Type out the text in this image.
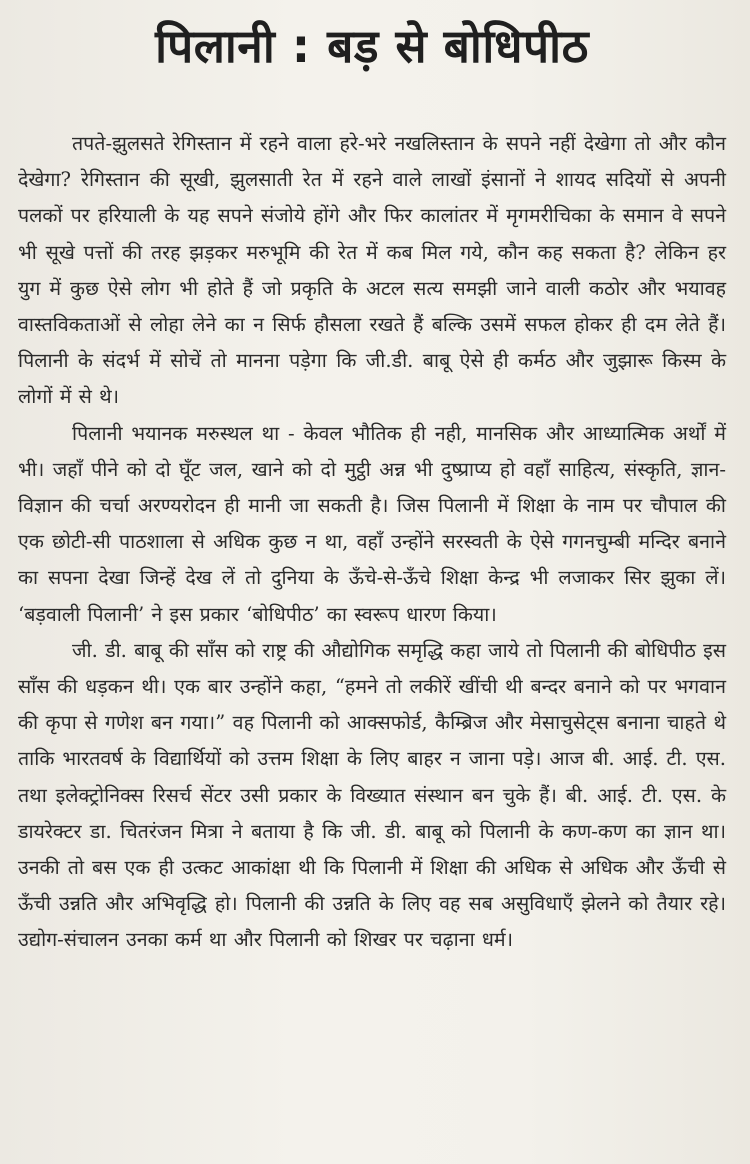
पिलानी : बड़ से बोधिपीठ

तपते-झुलसते रेगिस्तान में रहने वाला हरे-भरे नखलिस्तान के सपने नहीं देखेगा तो और कौन देखेगा? रेगिस्तान की सूखी, झुलसाती रेत में रहने वाले लाखों इंसानों ने शायद सदियों से अपनी पलकों पर हरियाली के यह सपने संजोये होंगे और फिर कालांतर में मृगमरीचिका के समान वे सपने भी सूखे पत्तों की तरह झड़कर मरुभूमि की रेत में कब मिल गये, कौन कह सकता है? लेकिन हर युग में कुछ ऐसे लोग भी होते हैं जो प्रकृति के अटल सत्य समझी जाने वाली कठोर और भयावह वास्तविकताओं से लोहा लेने का न सिर्फ हौसला रखते हैं बल्कि उसमें सफल होकर ही दम लेते हैं। पिलानी के संदर्भ में सोचें तो मानना पड़ेगा कि जी.डी. बाबू ऐसे ही कर्मठ और जुझारू किस्म के लोगों में से थे।

पिलानी भयानक मरुस्थल था - केवल भौतिक ही नही, मानसिक और आध्यात्मिक अर्थों में भी। जहाँ पीने को दो घूँट जल, खाने को दो मुट्ठी अन्न भी दुष्प्राप्य हो वहाँ साहित्य, संस्कृति, ज्ञान-विज्ञान की चर्चा अरण्यरोदन ही मानी जा सकती है। जिस पिलानी में शिक्षा के नाम पर चौपाल की एक छोटी-सी पाठशाला से अधिक कुछ न था, वहाँ उन्होंने सरस्वती के ऐसे गगनचुम्बी मन्दिर बनाने का सपना देखा जिन्हें देख लें तो दुनिया के ऊँचे-से-ऊँचे शिक्षा केन्द्र भी लजाकर सिर झुका लें। ‘बड़वाली पिलानी’ ने इस प्रकार ‘बोधिपीठ’ का स्वरूप धारण किया।

जी. डी. बाबू की साँस को राष्ट्र की औद्योगिक समृद्धि कहा जाये तो पिलानी की बोधिपीठ इस साँस की धड़कन थी। एक बार उन्होंने कहा, “हमने तो लकीरें खींची थी बन्दर बनाने को पर भगवान की कृपा से गणेश बन गया।” वह पिलानी को आक्सफोर्ड, कैम्ब्रिज और मेसाचुसेट्स बनाना चाहते थे ताकि भारतवर्ष के विद्यार्थियों को उत्तम शिक्षा के लिए बाहर न जाना पड़े। आज बी. आई. टी. एस. तथा इलेक्ट्रोनिक्स रिसर्च सेंटर उसी प्रकार के विख्यात संस्थान बन चुके हैं। बी. आई. टी. एस. के डायरेक्टर डा. चितरंजन मित्रा ने बताया है कि जी. डी. बाबू को पिलानी के कण-कण का ज्ञान था। उनकी तो बस एक ही उत्कट आकांक्षा थी कि पिलानी में शिक्षा की अधिक से अधिक और ऊँची से ऊँची उन्नति और अभिवृद्धि हो। पिलानी की उन्नति के लिए वह सब असुविधाएँ झेलने को तैयार रहे। उद्योग-संचालन उनका कर्म था और पिलानी को शिखर पर चढ़ाना धर्म।
